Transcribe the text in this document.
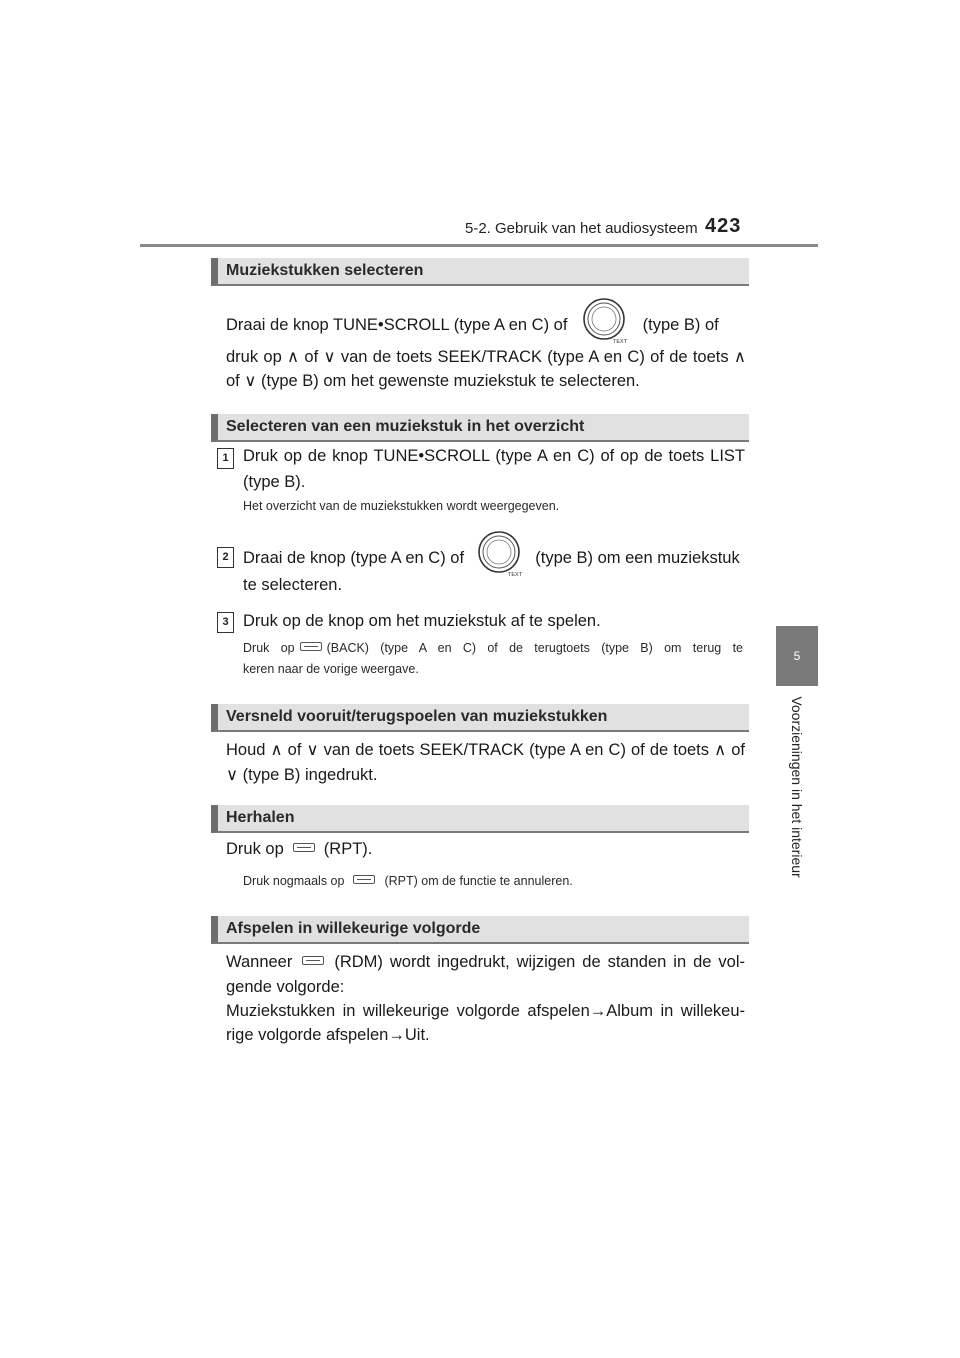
5-2. Gebruik van het audiosysteem 423
5
Voorzieningen in het interieur
Muziekstukken selecteren
Draai de knop TUNE•SCROLL (type A en C) of
TEXT
(type B) of
druk op ∧ of ∨ van de toets SEEK/TRACK (type A en C) of de toets ∧
of ∨ (type B) om het gewenste muziekstuk te selecteren.
Selecteren van een muziekstuk in het overzicht
1 Druk op de knop TUNE•SCROLL (type A en C) of op de toets LIST
(type B).
Het overzicht van de muziekstukken wordt weergegeven.
2 Draai de knop (type A en C) of
TEXT
(type B) om een muziekstuk
te selecteren.
3 Druk op de knop om het muziekstuk af te spelen.
Druk op	(BACK) (type A en C) of de terugtoets (type B) om terug te
keren naar de vorige weergave.
Versneld vooruit/terugspoelen van muziekstukken
Houd ∧ of ∨ van de toets SEEK/TRACK (type A en C) of de toets ∧ of
∨ (type B) ingedrukt.
Herhalen
Druk op (RPT).
Druk nogmaals op	(RPT) om de functie te annuleren.
Afspelen in willekeurige volgorde
Wanneer	(RDM) wordt ingedrukt, wijzigen de standen in de vol-
gende volgorde:
Muziekstukken in willekeurige volgorde afspelen→Album in willekeu-
rige volgorde afspelen→Uit.
